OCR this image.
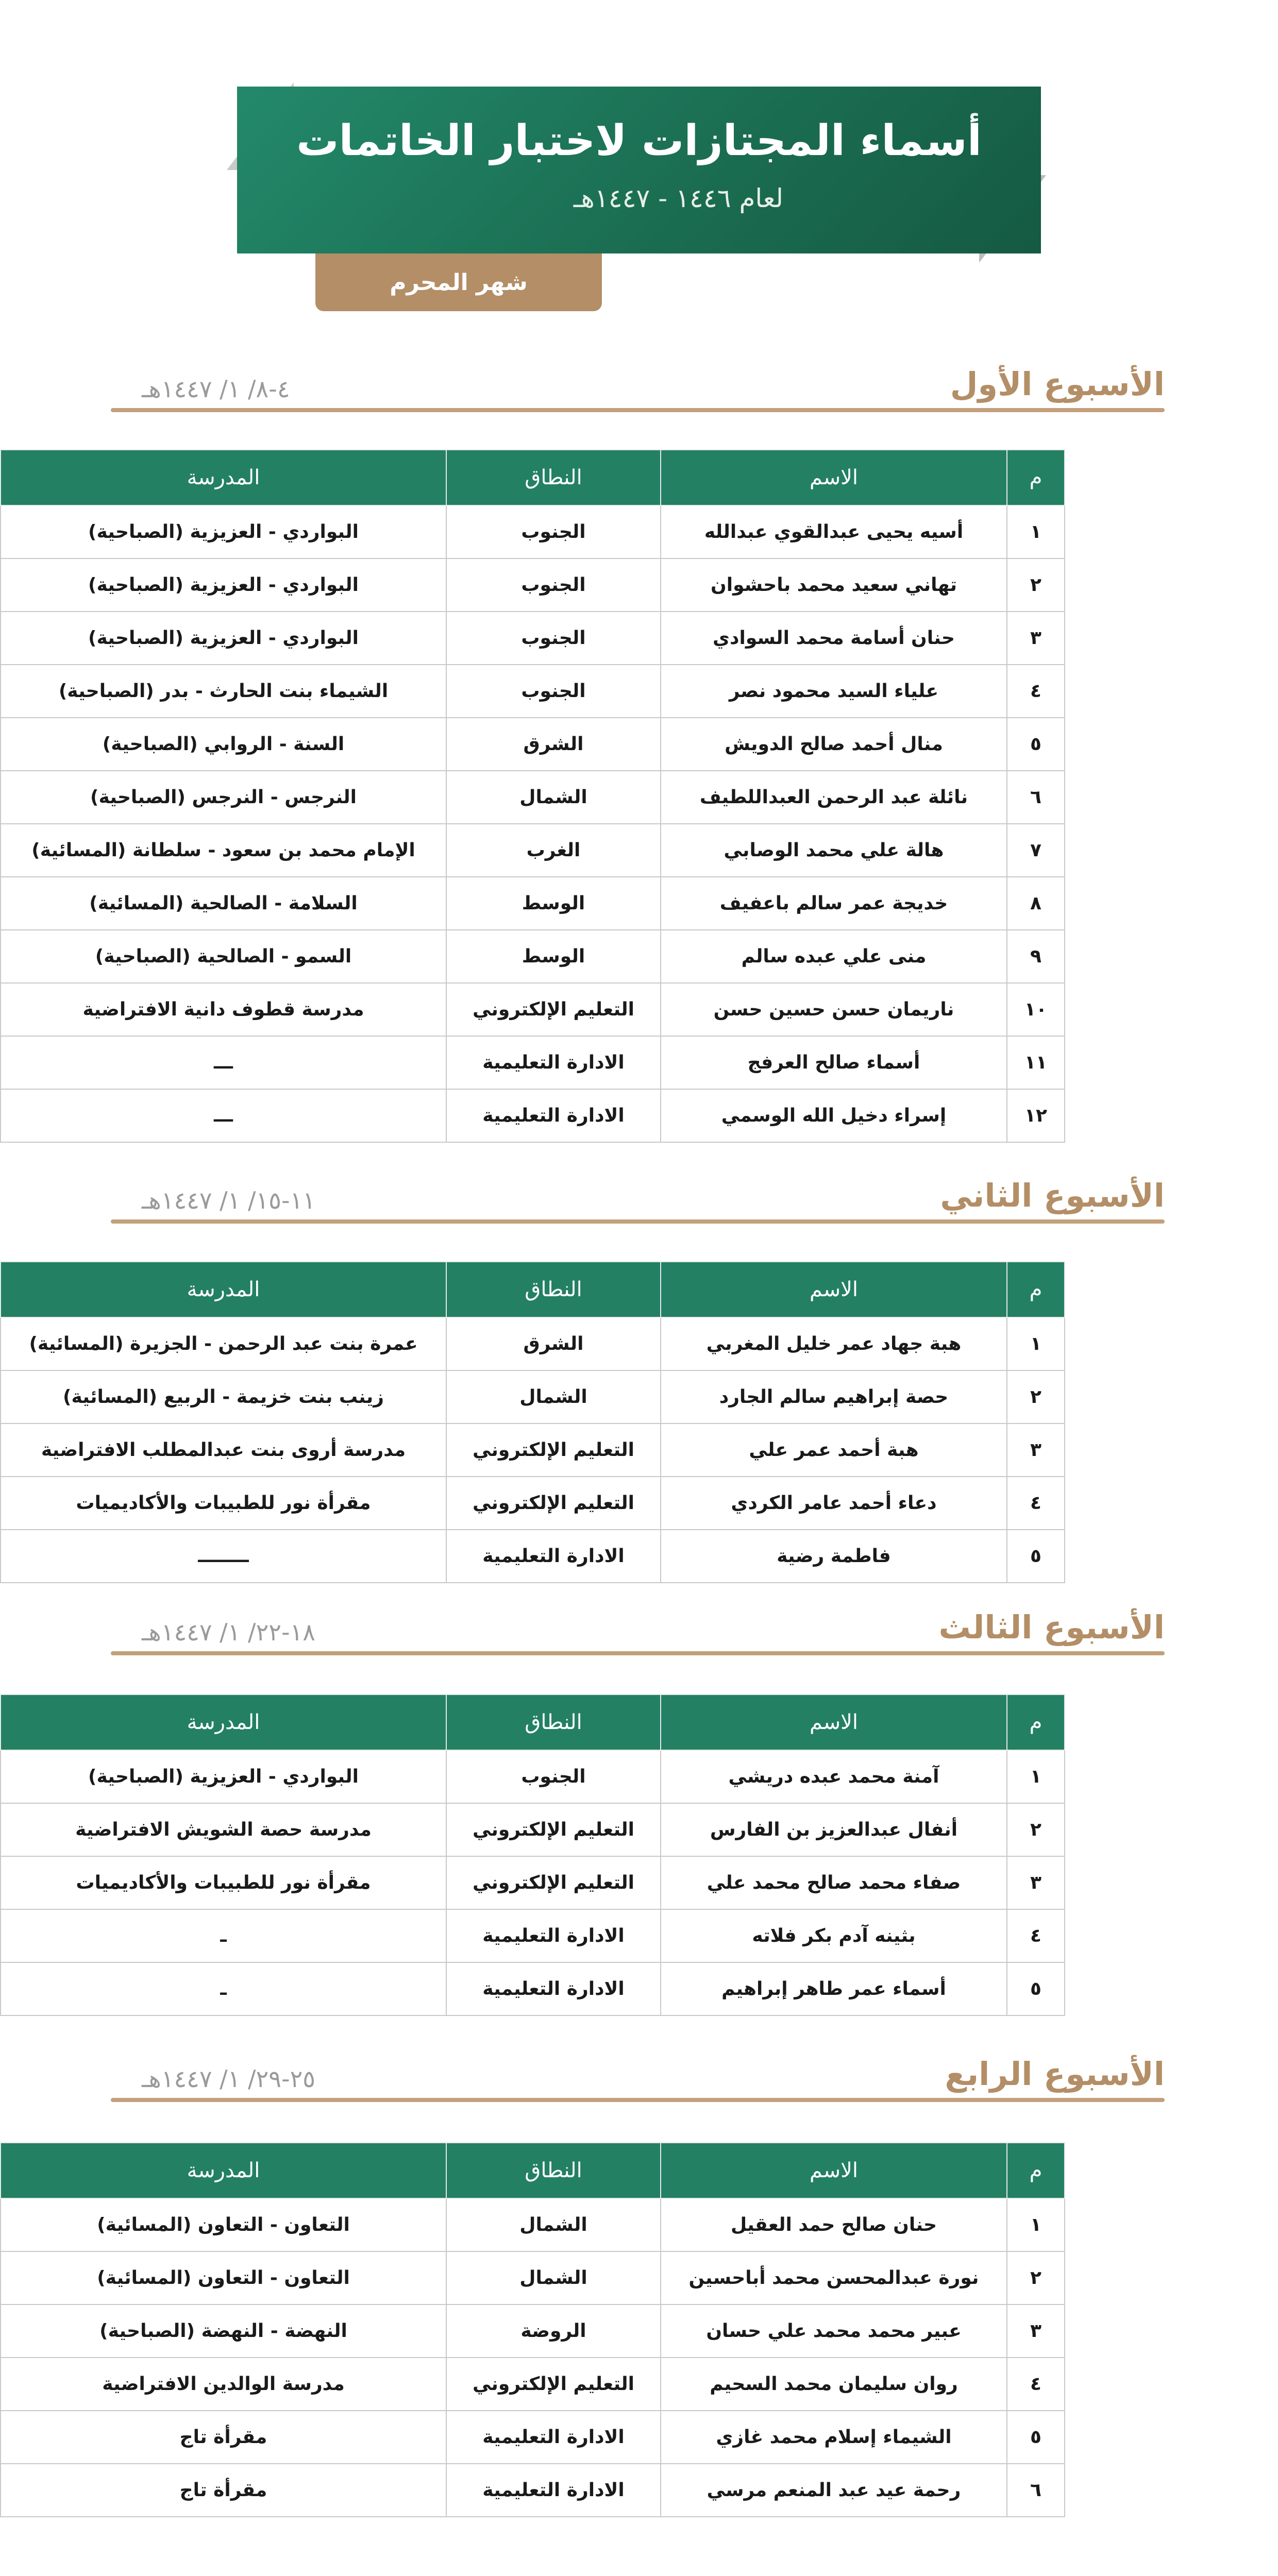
أسماء المجتازات لاختبار الخاتمات
لعام ١٤٤٦ - ١٤٤٧هـ
شهر المحرم
الأسبوع الأول
٤-٨/ ١/ ١٤٤٧هـ
م	الاسم	النطاق	المدرسة
١	أسيه يحيى عبدالقوي عبدالله	الجنوب	البواردي - العزيزية (الصباحية)
٢	تهاني سعيد محمد باحشوان	الجنوب	البواردي - العزيزية (الصباحية)
٣	حنان أسامة محمد السوادي	الجنوب	البواردي - العزيزية (الصباحية)
٤	علياء السيد محمود نصر	الجنوب	الشيماء بنت الحارث - بدر (الصباحية)
٥	منال أحمد صالح الدويش	الشرق	السنة - الروابي (الصباحية)
٦	نائلة عبد الرحمن العبداللطيف	الشمال	النرجس - النرجس (الصباحية)
٧	هالة علي محمد الوصابي	الغرب	الإمام محمد بن سعود - سلطانة (المسائية)
٨	خديجة عمر سالم باعفيف	الوسط	السلامة - الصالحية (المسائية)
٩	منى علي عبده سالم	الوسط	السمو - الصالحية (الصباحية)
١٠	ناريمان حسن حسين حسن	التعليم الإلكتروني	مدرسة قطوف دانية الافتراضية
١١	أسماء صالح العرفج	الادارة التعليمية	ـــ
١٢	إسراء دخيل الله الوسمي	الادارة التعليمية	ـــ
الأسبوع الثاني
١١-١٥/ ١/ ١٤٤٧هـ
م	الاسم	النطاق	المدرسة
١	هبة جهاد عمر خليل المغربي	الشرق	عمرة بنت عبد الرحمن - الجزيرة (المسائية)
٢	حصة إبراهيم سالم الجارد	الشمال	زينب بنت خزيمة - الربيع (المسائية)
٣	هبة أحمد عمر علي	التعليم الإلكتروني	مدرسة أروى بنت عبدالمطلب الافتراضية
٤	دعاء أحمد عامر الكردي	التعليم الإلكتروني	مقرأة نور للطبيبات والأكاديميات
٥	فاطمة رضية	الادارة التعليمية	ــــــــ
الأسبوع الثالث
١٨-٢٢/ ١/ ١٤٤٧هـ
م	الاسم	النطاق	المدرسة
١	آمنة محمد عبده دريشي	الجنوب	البواردي - العزيزية (الصباحية)
٢	أنفال عبدالعزيز بن الفارس	التعليم الإلكتروني	مدرسة حصة الشويش الافتراضية
٣	صفاء محمد صالح محمد علي	التعليم الإلكتروني	مقرأة نور للطبيبات والأكاديميات
٤	بثينه آدم بكر فلاته	الادارة التعليمية	ـ
٥	أسماء عمر طاهر إبراهيم	الادارة التعليمية	ـ
الأسبوع الرابع
٢٥-٢٩/ ١/ ١٤٤٧هـ
م	الاسم	النطاق	المدرسة
١	حنان صالح حمد العقيل	الشمال	التعاون - التعاون (المسائية)
٢	نورة عبدالمحسن محمد أباحسين	الشمال	التعاون - التعاون (المسائية)
٣	عبير محمد محمد علي حسان	الروضة	النهضة - النهضة (الصباحية)
٤	روان سليمان محمد السحيم	التعليم الإلكتروني	مدرسة الوالدين الافتراضية
٥	الشيماء إسلام محمد غازي	الادارة التعليمية	مقرأة تاج
٦	رحمة عيد عبد المنعم مرسي	الادارة التعليمية	مقرأة تاج
